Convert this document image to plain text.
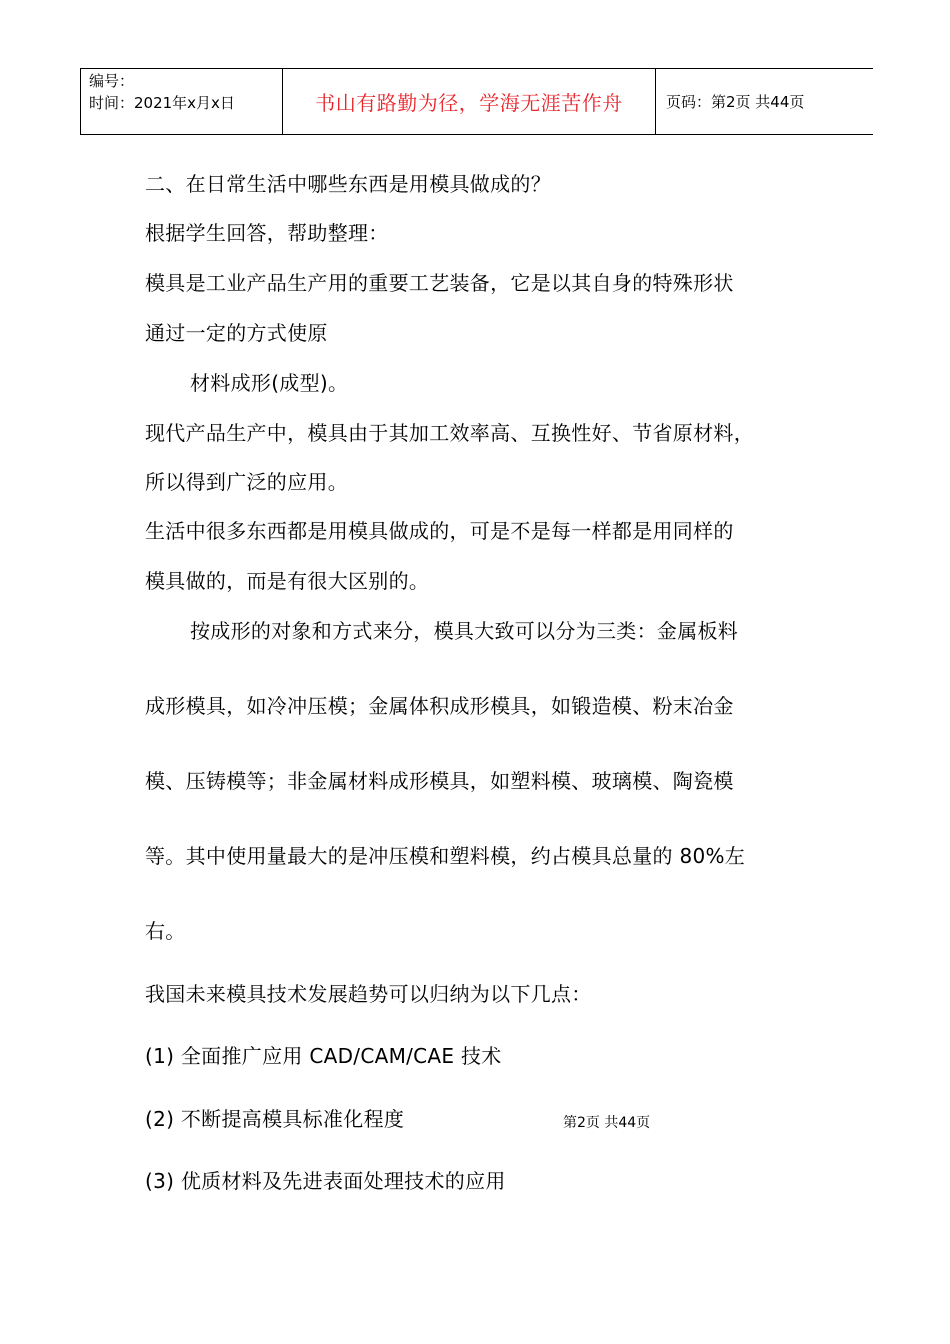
编号：
时间：2021年x月x日	书山有路勤为径，学海无涯苦作舟	页码：第2页 共44页
二、在日常生活中哪些东西是用模具做成的？
根据学生回答，帮助整理：
模具是工业产品生产用的重要工艺装备，它是以其自身的特殊形状
通过一定的方式使原
材料成形(成型)。
现代产品生产中，模具由于其加工效率高、互换性好、节省原材料，
所以得到广泛的应用。
生活中很多东西都是用模具做成的，可是不是每一样都是用同样的
模具做的，而是有很大区别的。
按成形的对象和方式来分，模具大致可以分为三类：金属板料
成形模具，如冷冲压模；金属体积成形模具，如锻造模、粉末冶金
模、压铸模等；非金属材料成形模具，如塑料模、玻璃模、陶瓷模
等。其中使用量最大的是冲压模和塑料模，约占模具总量的 80%左
右。
我国未来模具技术发展趋势可以归纳为以下几点：
(1) 全面推广应用 CAD/CAM/CAE 技术
(2) 不断提高模具标准化程度
(3) 优质材料及先进表面处理技术的应用
第2页 共44页
